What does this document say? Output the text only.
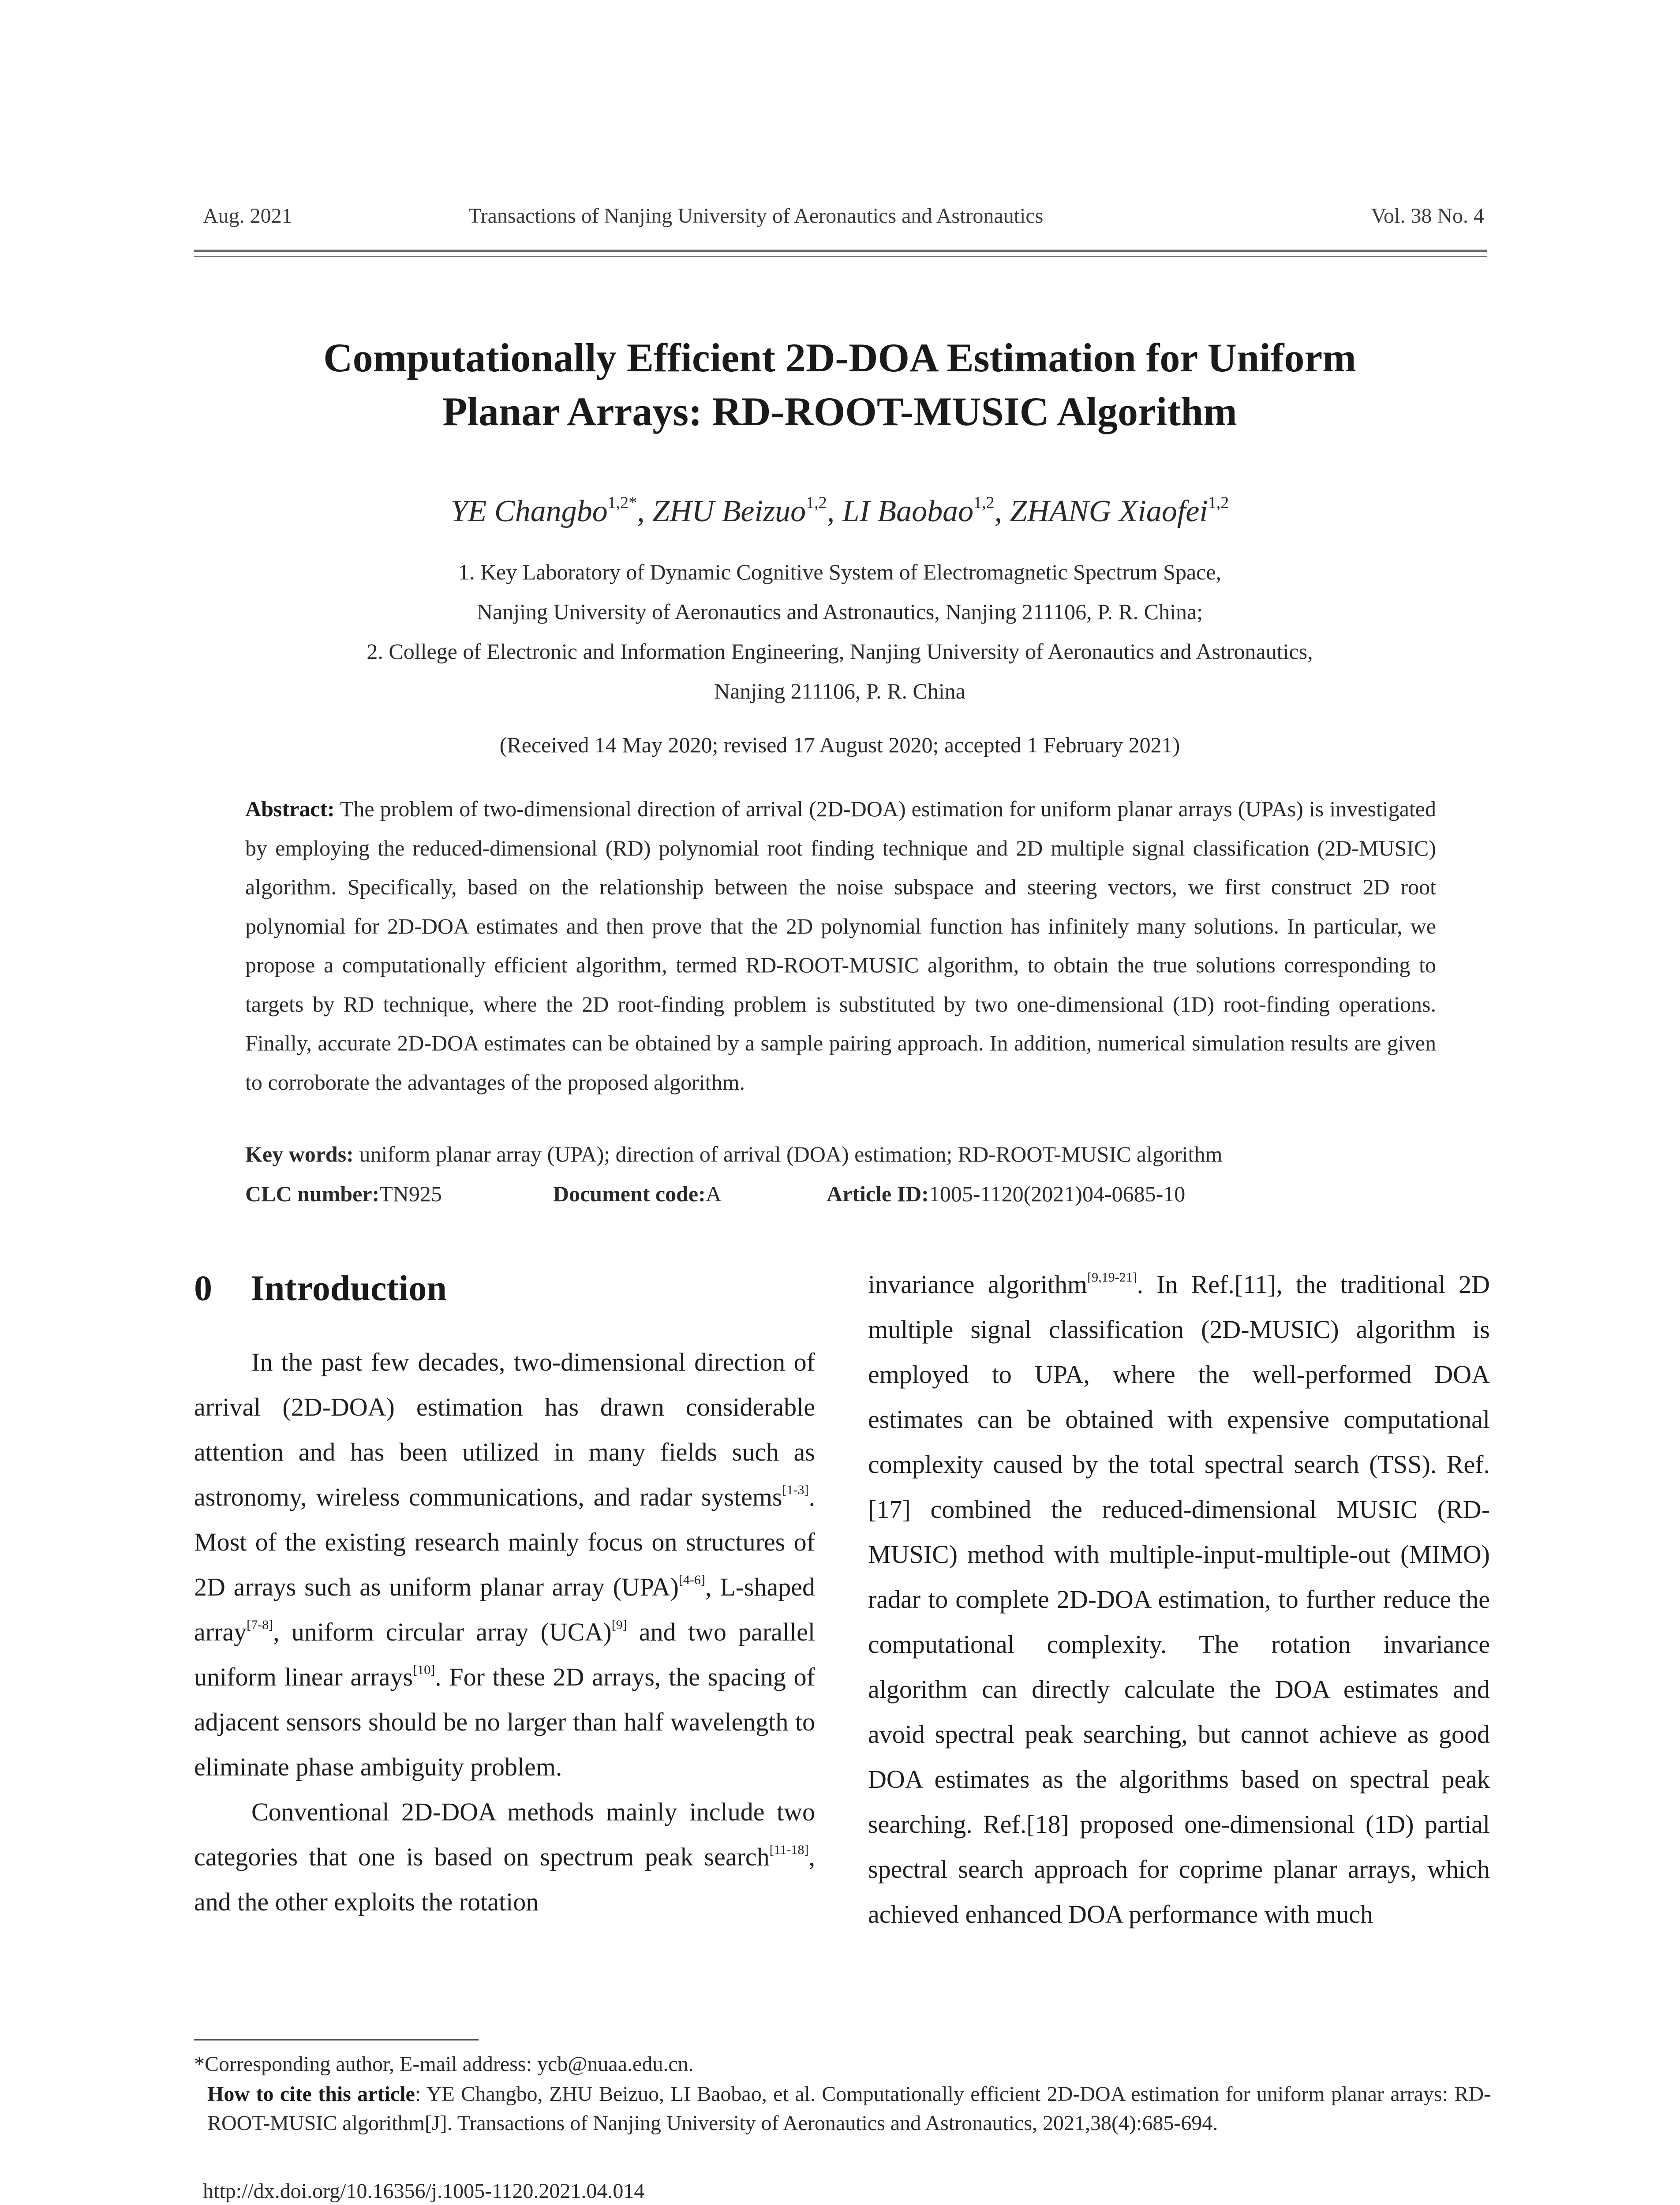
Aug. 2021	Transactions of Nanjing University of Aeronautics and Astronautics	Vol. 38 No. 4
Computationally Efficient 2D-DOA Estimation for Uniform
Planar Arrays: RD-ROOT-MUSIC Algorithm
YE Changbo$^{1,2*}$, ZHU Beizuo$^{1,2}$, LI Baobao$^{1,2}$, ZHANG Xiaofei$^{1,2}$
1. Key Laboratory of Dynamic Cognitive System of Electromagnetic Spectrum Space,
Nanjing University of Aeronautics and Astronautics, Nanjing 211106, P. R. China;
2. College of Electronic and Information Engineering, Nanjing University of Aeronautics and Astronautics,
Nanjing 211106, P. R. China
(Received 14 May 2020; revised 17 August 2020; accepted 1 February 2021)
Abstract: The problem of two-dimensional direction of arrival (2D-DOA) estimation for uniform planar arrays (UPAs) is investigated by employing the reduced-dimensional (RD) polynomial root finding technique and 2D multiple signal classification (2D-MUSIC) algorithm. Specifically, based on the relationship between the noise subspace and steering vectors, we first construct 2D root polynomial for 2D-DOA estimates and then prove that the 2D polynomial function has infinitely many solutions. In particular, we propose a computationally efficient algorithm, termed RD-ROOT-MUSIC algorithm, to obtain the true solutions corresponding to targets by RD technique, where the 2D root-finding problem is substituted by two one-dimensional (1D) root-finding operations. Finally, accurate 2D-DOA estimates can be obtained by a sample pairing approach. In addition, numerical simulation results are given to corroborate the advantages of the proposed algorithm.
Key words: uniform planar array (UPA); direction of arrival (DOA) estimation; RD-ROOT-MUSIC algorithm
CLC number:TN925	Document code:A	Article ID:1005-1120(2021)04-0685-10
0 Introduction

In the past few decades, two-dimensional direction of arrival (2D-DOA) estimation has drawn considerable attention and has been utilized in many fields such as astronomy, wireless communications, and radar systems[1-3]. Most of the existing research mainly focus on structures of 2D arrays such as uniform planar array (UPA)[4-6], L-shaped array[7-8], uniform circular array (UCA)[9] and two parallel uniform linear arrays[10]. For these 2D arrays, the spacing of adjacent sensors should be no larger than half wavelength to eliminate phase ambiguity problem.

Conventional 2D-DOA methods mainly include two categories that one is based on spectrum peak search[11-18], and the other exploits the rotation

invariance algorithm[9,19-21]. In Ref.[11], the traditional 2D multiple signal classification (2D-MUSIC) algorithm is employed to UPA, where the well-performed DOA estimates can be obtained with expensive computational complexity caused by the total spectral search (TSS). Ref.[17] combined the reduced-dimensional MUSIC (RD-MUSIC) method with multiple-input-multiple-out (MIMO) radar to complete 2D-DOA estimation, to further reduce the computational complexity. The rotation invariance algorithm can directly calculate the DOA estimates and avoid spectral peak searching, but cannot achieve as good DOA estimates as the algorithms based on spectral peak searching. Ref.[18] proposed one-dimensional (1D) partial spectral search approach for coprime planar arrays, which achieved enhanced DOA performance with much

*Corresponding author, E-mail address: ycb@nuaa.edu.cn.
How to cite this article: YE Changbo, ZHU Beizuo, LI Baobao, et al. Computationally efficient 2D-DOA estimation for uniform planar arrays: RD-ROOT-MUSIC algorithm[J]. Transactions of Nanjing University of Aeronautics and Astronautics, 2021,38(4):685-694.
http://dx.doi.org/10.16356/j.1005-1120.2021.04.014
